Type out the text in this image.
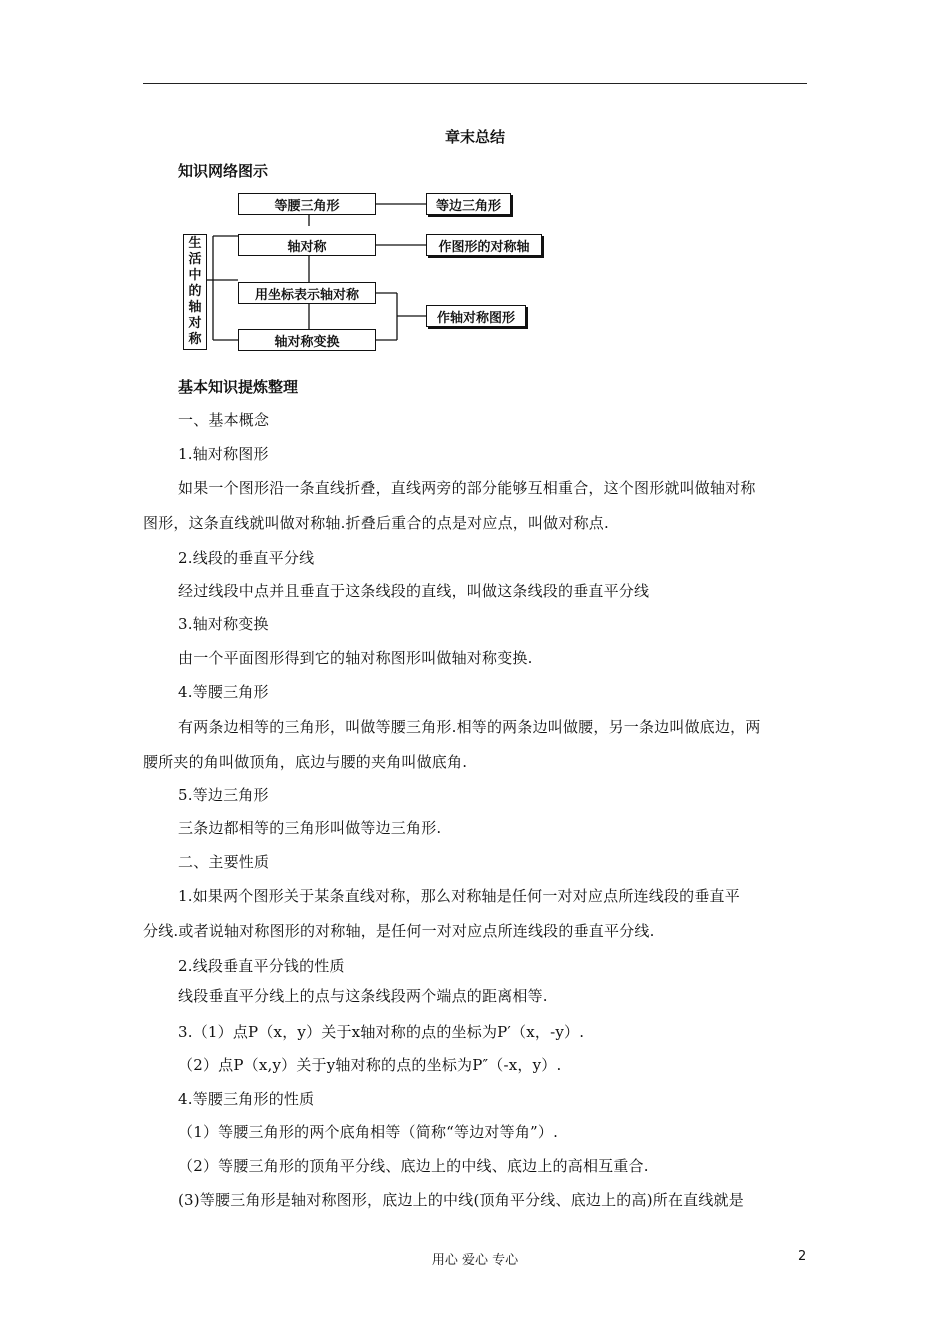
章末总结
知识网络图示
生
活
中
的
轴
对
称
等腰三角形
轴对称
用坐标表示轴对称
轴对称变换
等边三角形
作图形的对称轴
作轴对称图形
基本知识提炼整理
一、基本概念
1.轴对称图形
如果一个图形沿一条直线折叠，直线两旁的部分能够互相重合，这个图形就叫做轴对称
图形，这条直线就叫做对称轴.折叠后重合的点是对应点，叫做对称点.
2.线段的垂直平分线
经过线段中点并且垂直于这条线段的直线，叫做这条线段的垂直平分线
3.轴对称变换
由一个平面图形得到它的轴对称图形叫做轴对称变换.
4.等腰三角形
有两条边相等的三角形，叫做等腰三角形.相等的两条边叫做腰，另一条边叫做底边，两
腰所夹的角叫做顶角，底边与腰的夹角叫做底角.
5.等边三角形
三条边都相等的三角形叫做等边三角形.
二、主要性质
1.如果两个图形关于某条直线对称，那么对称轴是任何一对对应点所连线段的垂直平
分线.或者说轴对称图形的对称轴，是任何一对对应点所连线段的垂直平分线.
2.线段垂直平分钱的性质
线段垂直平分线上的点与这条线段两个端点的距离相等.
3.（1）点P（x，y）关于x轴对称的点的坐标为P′（x，-y）.
（2）点P（x,y）关于y轴对称的点的坐标为P″（-x，y）.
4.等腰三角形的性质
（1）等腰三角形的两个底角相等（简称“等边对等角”）.
（2）等腰三角形的顶角平分线、底边上的中线、底边上的高相互重合.
(3)等腰三角形是轴对称图形，底边上的中线(顶角平分线、底边上的高)所在直线就是
用心 爱心 专心	2
